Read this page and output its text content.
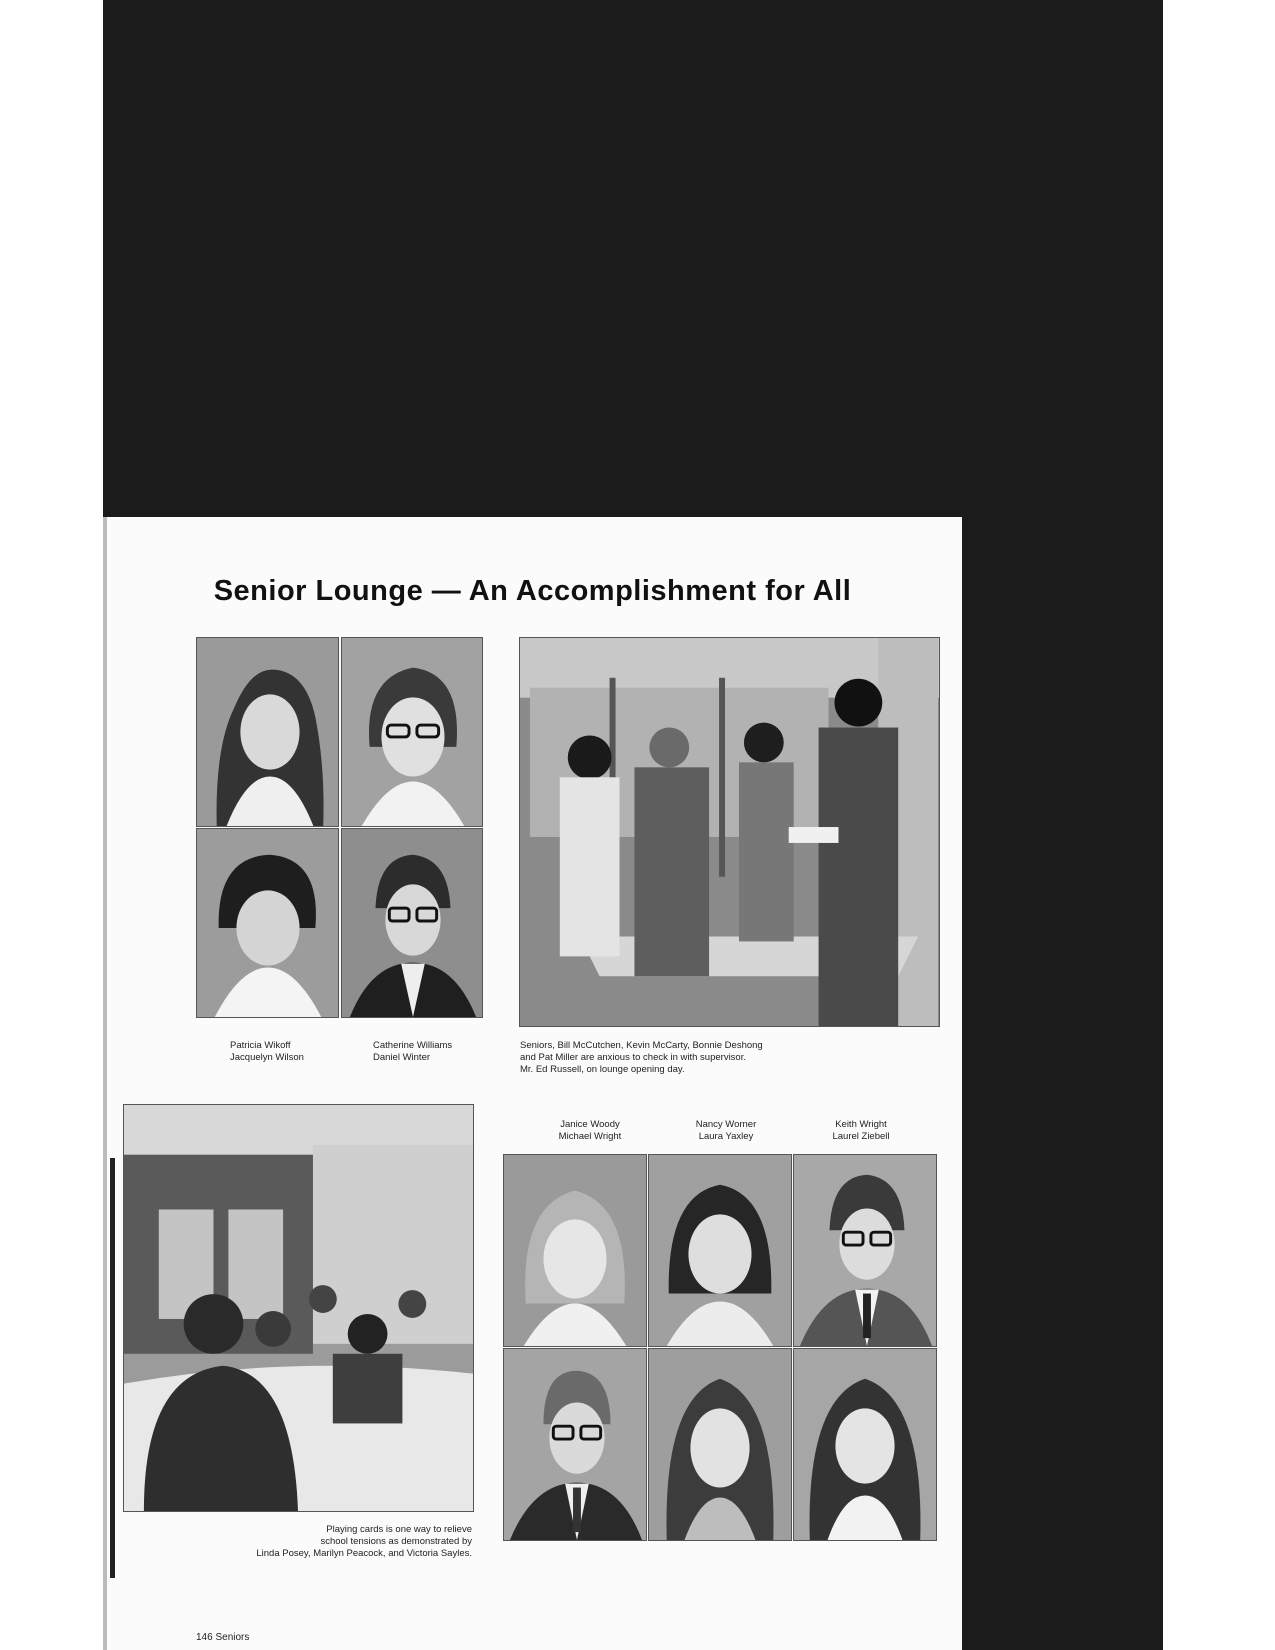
Senior Lounge — An Accomplishment for All
Patricia Wikoff
Jacquelyn Wilson
Catherine Williams
Daniel Winter
Seniors, Bill McCutchen, Kevin McCarty, Bonnie Deshong
and Pat Miller are anxious to check in with supervisor.
Mr. Ed Russell, on lounge opening day.
Playing cards is one way to relieve
school tensions as demonstrated by
Linda Posey, Marilyn Peacock, and Victoria Sayles.
Janice Woody
Michael Wright
Nancy Worner
Laura Yaxley
Keith Wright
Laurel Ziebell
146 Seniors
